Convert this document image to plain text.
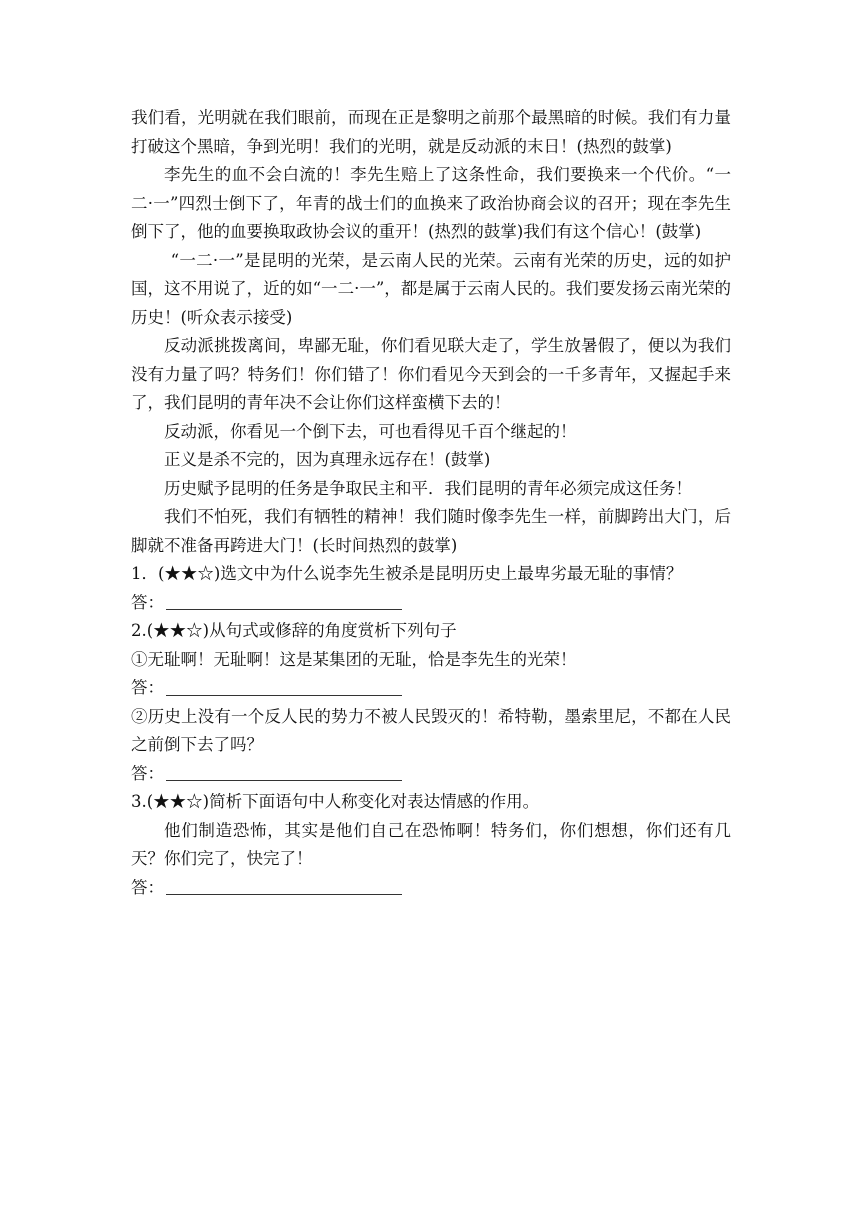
我们看，光明就在我们眼前，而现在正是黎明之前那个最黑暗的时候。我们有力量打破这个黑暗，争到光明！我们的光明，就是反动派的末日！(热烈的鼓掌)

李先生的血不会白流的！李先生赔上了这条性命，我们要换来一个代价。“一二·一”四烈士倒下了，年青的战士们的血换来了政治协商会议的召开；现在李先生倒下了，他的血要换取政协会议的重开！(热烈的鼓掌)我们有这个信心！(鼓掌)

“一二·一”是昆明的光荣，是云南人民的光荣。云南有光荣的历史，远的如护国，这不用说了，近的如“一二·一”，都是属于云南人民的。我们要发扬云南光荣的历史！(听众表示接受)

反动派挑拨离间，卑鄙无耻，你们看见联大走了，学生放暑假了，便以为我们没有力量了吗？特务们！你们错了！你们看见今天到会的一千多青年，又握起手来了，我们昆明的青年决不会让你们这样蛮横下去的！

反动派，你看见一个倒下去，可也看得见千百个继起的！

正义是杀不完的，因为真理永远存在！(鼓掌)

历史赋予昆明的任务是争取民主和平．我们昆明的青年必须完成这任务！

我们不怕死，我们有牺牲的精神！我们随时像李先生一样，前脚跨出大门，后脚就不准备再跨进大门！(长时间热烈的鼓掌)

1．(★★☆)选文中为什么说李先生被杀是昆明历史上最卑劣最无耻的事情？

答：

2.(★★☆)从句式或修辞的角度赏析下列句子

①无耻啊！无耻啊！这是某集团的无耻，恰是李先生的光荣！

答：

②历史上没有一个反人民的势力不被人民毁灭的！希特勒，墨索里尼，不都在人民之前倒下去了吗？

答：

3.(★★☆)简析下面语句中人称变化对表达情感的作用。

他们制造恐怖，其实是他们自己在恐怖啊！特务们，你们想想，你们还有几天？你们完了，快完了！

答：
